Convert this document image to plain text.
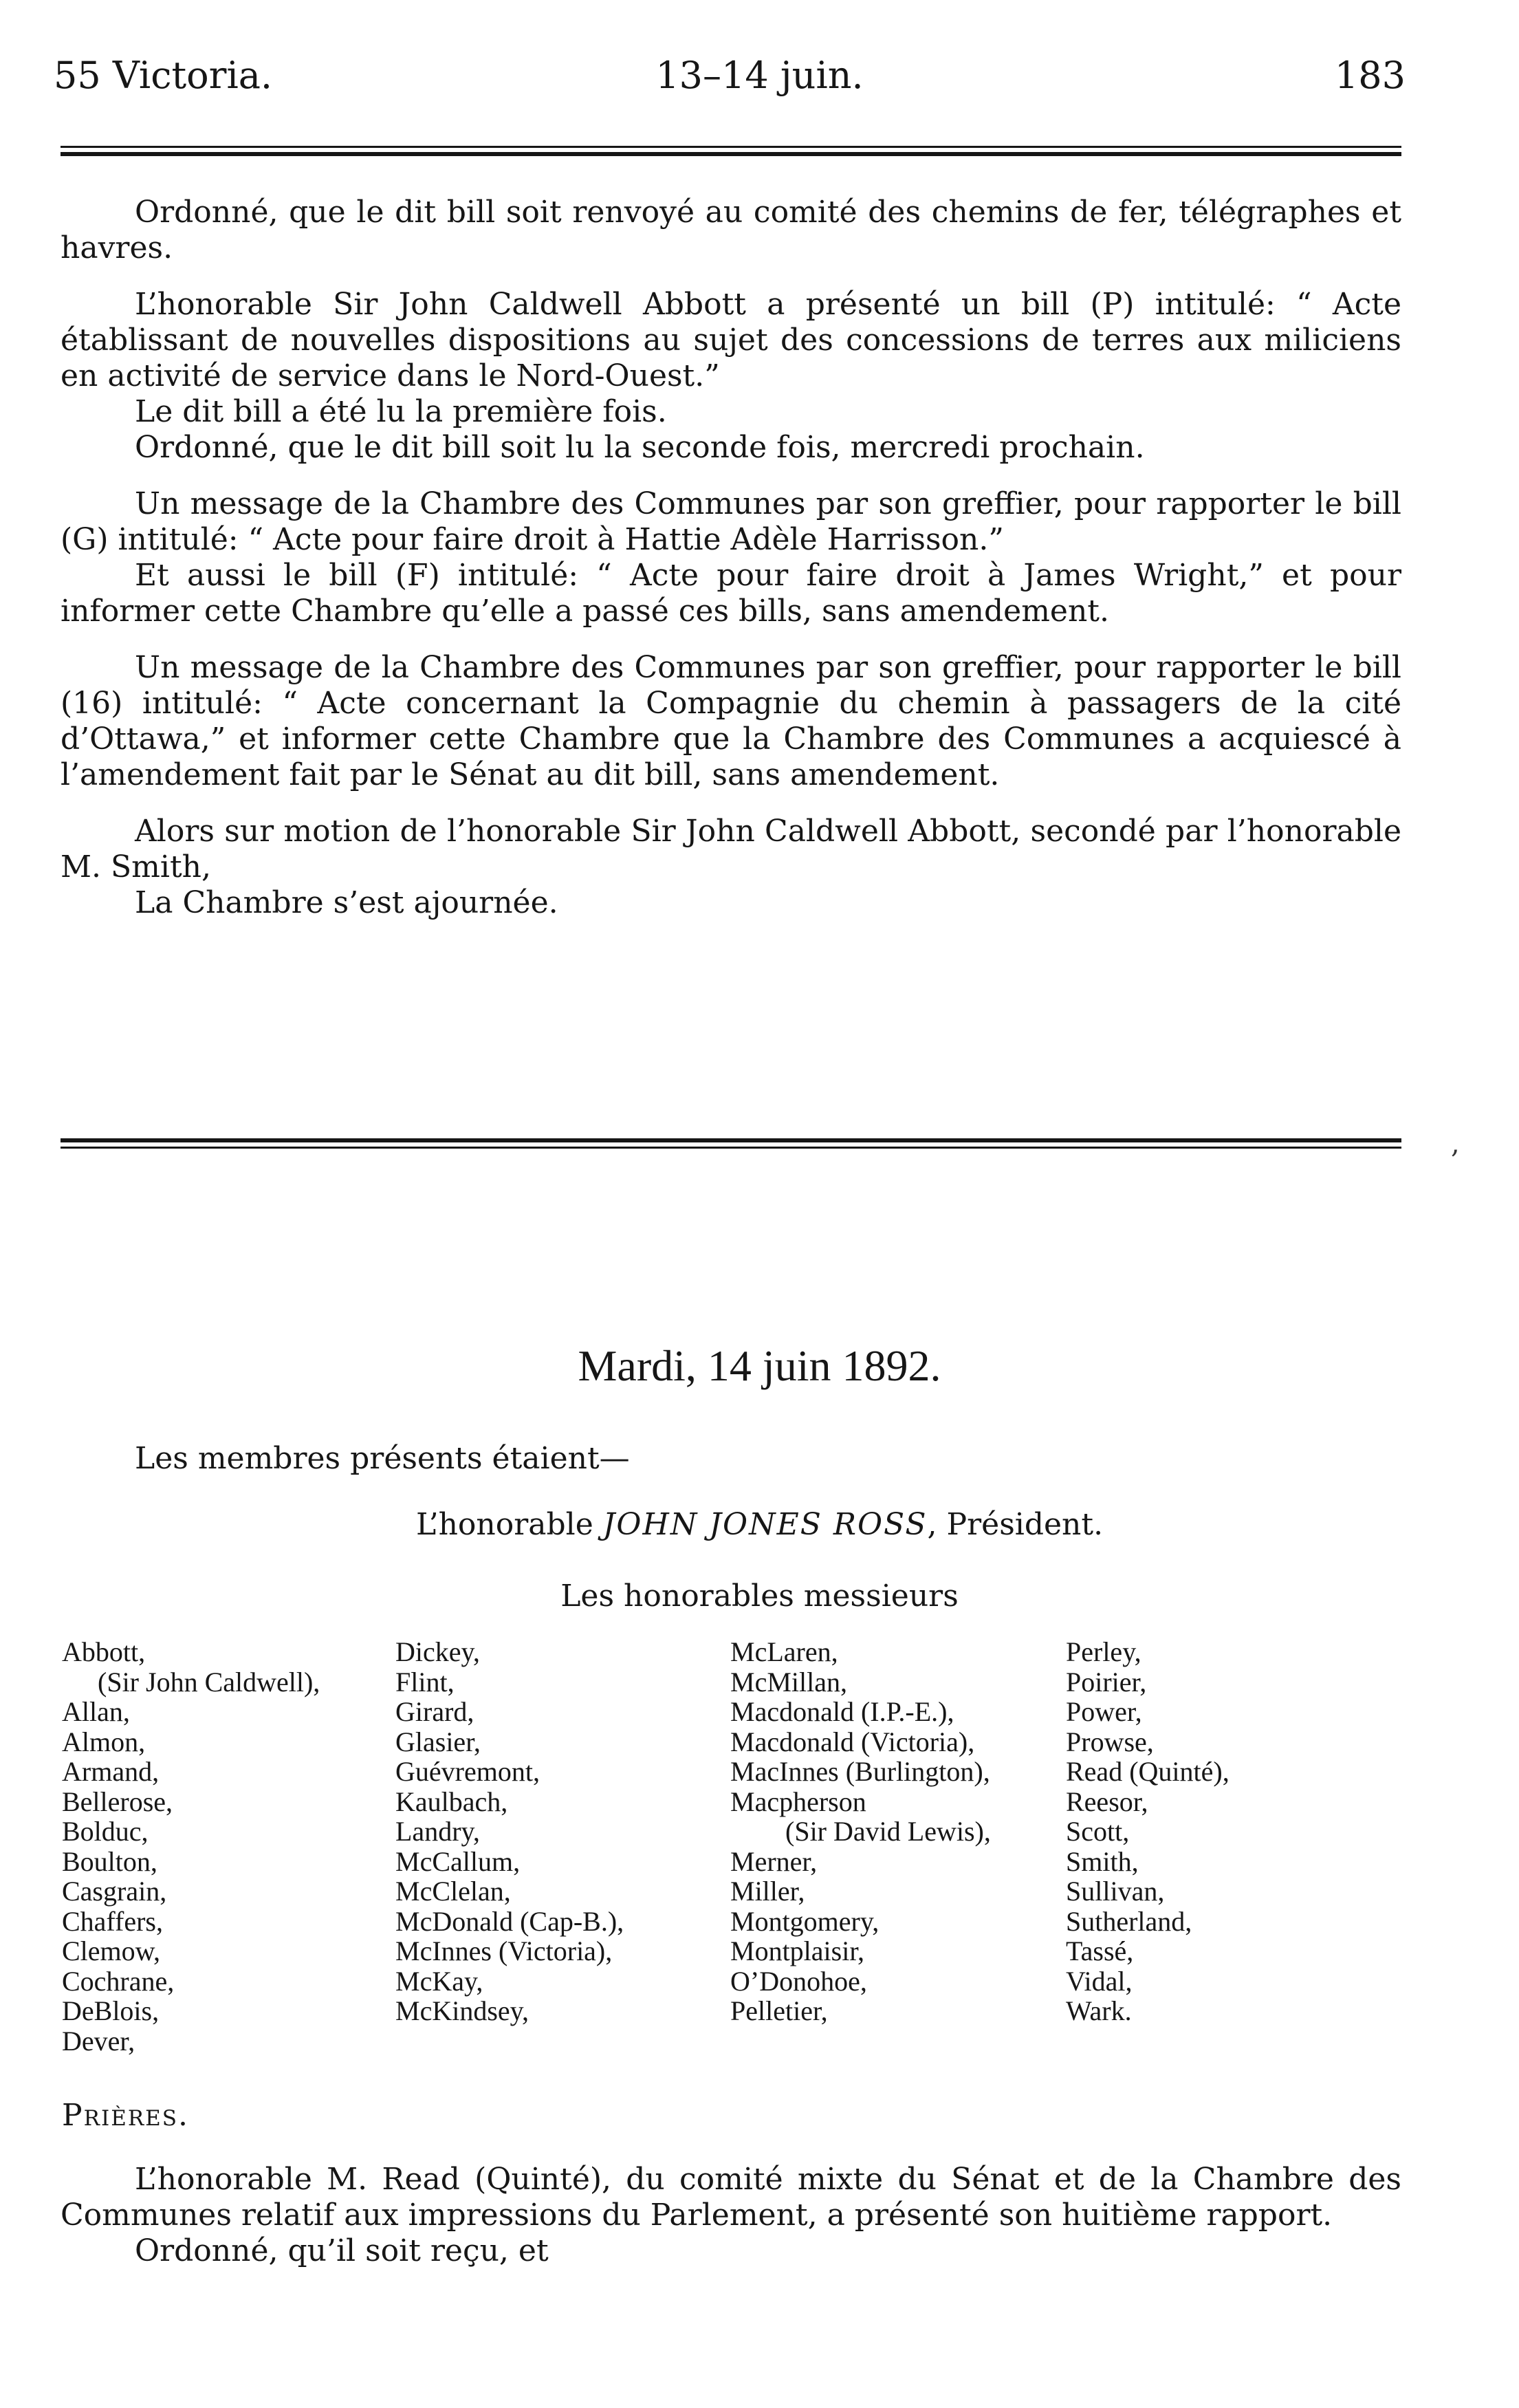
55 Victoria.	13–14 juin.	183

Ordonné, que le dit bill soit renvoyé au comité des chemins de fer, télégraphes et havres.

L’honorable Sir John Caldwell Abbott a présenté un bill (P) intitulé: “ Acte établissant de nouvelles dispositions au sujet des concessions de terres aux miliciens en activité de service dans le Nord-Ouest.”

Le dit bill a été lu la première fois.

Ordonné, que le dit bill soit lu la seconde fois, mercredi prochain.

Un message de la Chambre des Communes par son greffier, pour rapporter le bill (G) intitulé: “ Acte pour faire droit à Hattie Adèle Harrisson.”

Et aussi le bill (F) intitulé: “ Acte pour faire droit à James Wright,” et pour informer cette Chambre qu’elle a passé ces bills, sans amendement.

Un message de la Chambre des Communes par son greffier, pour rapporter le bill (16) intitulé: “ Acte concernant la Compagnie du chemin à passagers de la cité d’Ottawa,” et informer cette Chambre que la Chambre des Communes a acquiescé à l’amendement fait par le Sénat au dit bill, sans amendement.

Alors sur motion de l’honorable Sir John Caldwell Abbott, secondé par l’honorable M. Smith,

La Chambre s’est ajournée.

Mardi, 14 juin 1892.
Les membres présents étaient—
L’honorable JOHN JONES ROSS, Président.
Les honorables messieurs
Abbott,
(Sir John Caldwell),
Allan,
Almon,
Armand,
Bellerose,
Bolduc,
Boulton,
Casgrain,
Chaffers,
Clemow,
Cochrane,
DeBlois,
Dever,
Dickey,
Flint,
Girard,
Glasier,
Guévremont,
Kaulbach,
Landry,
McCallum,
McClelan,
McDonald (Cap-B.),
McInnes (Victoria),
McKay,
McKindsey,
McLaren,
McMillan,
Macdonald (I.P.-E.),
Macdonald (Victoria),
MacInnes (Burlington),
Macpherson
(Sir David Lewis),
Merner,
Miller,
Montgomery,
Montplaisir,
O’Donohoe,
Pelletier,
Perley,
Poirier,
Power,
Prowse,
Read (Quinté),
Reesor,
Scott,
Smith,
Sullivan,
Sutherland,
Tassé,
Vidal,
Wark.
Prières.

L’honorable M. Read (Quinté), du comité mixte du Sénat et de la Chambre des Communes relatif aux impressions du Parlement, a présenté son huitième rapport.

Ordonné, qu’il soit reçu, et

,
